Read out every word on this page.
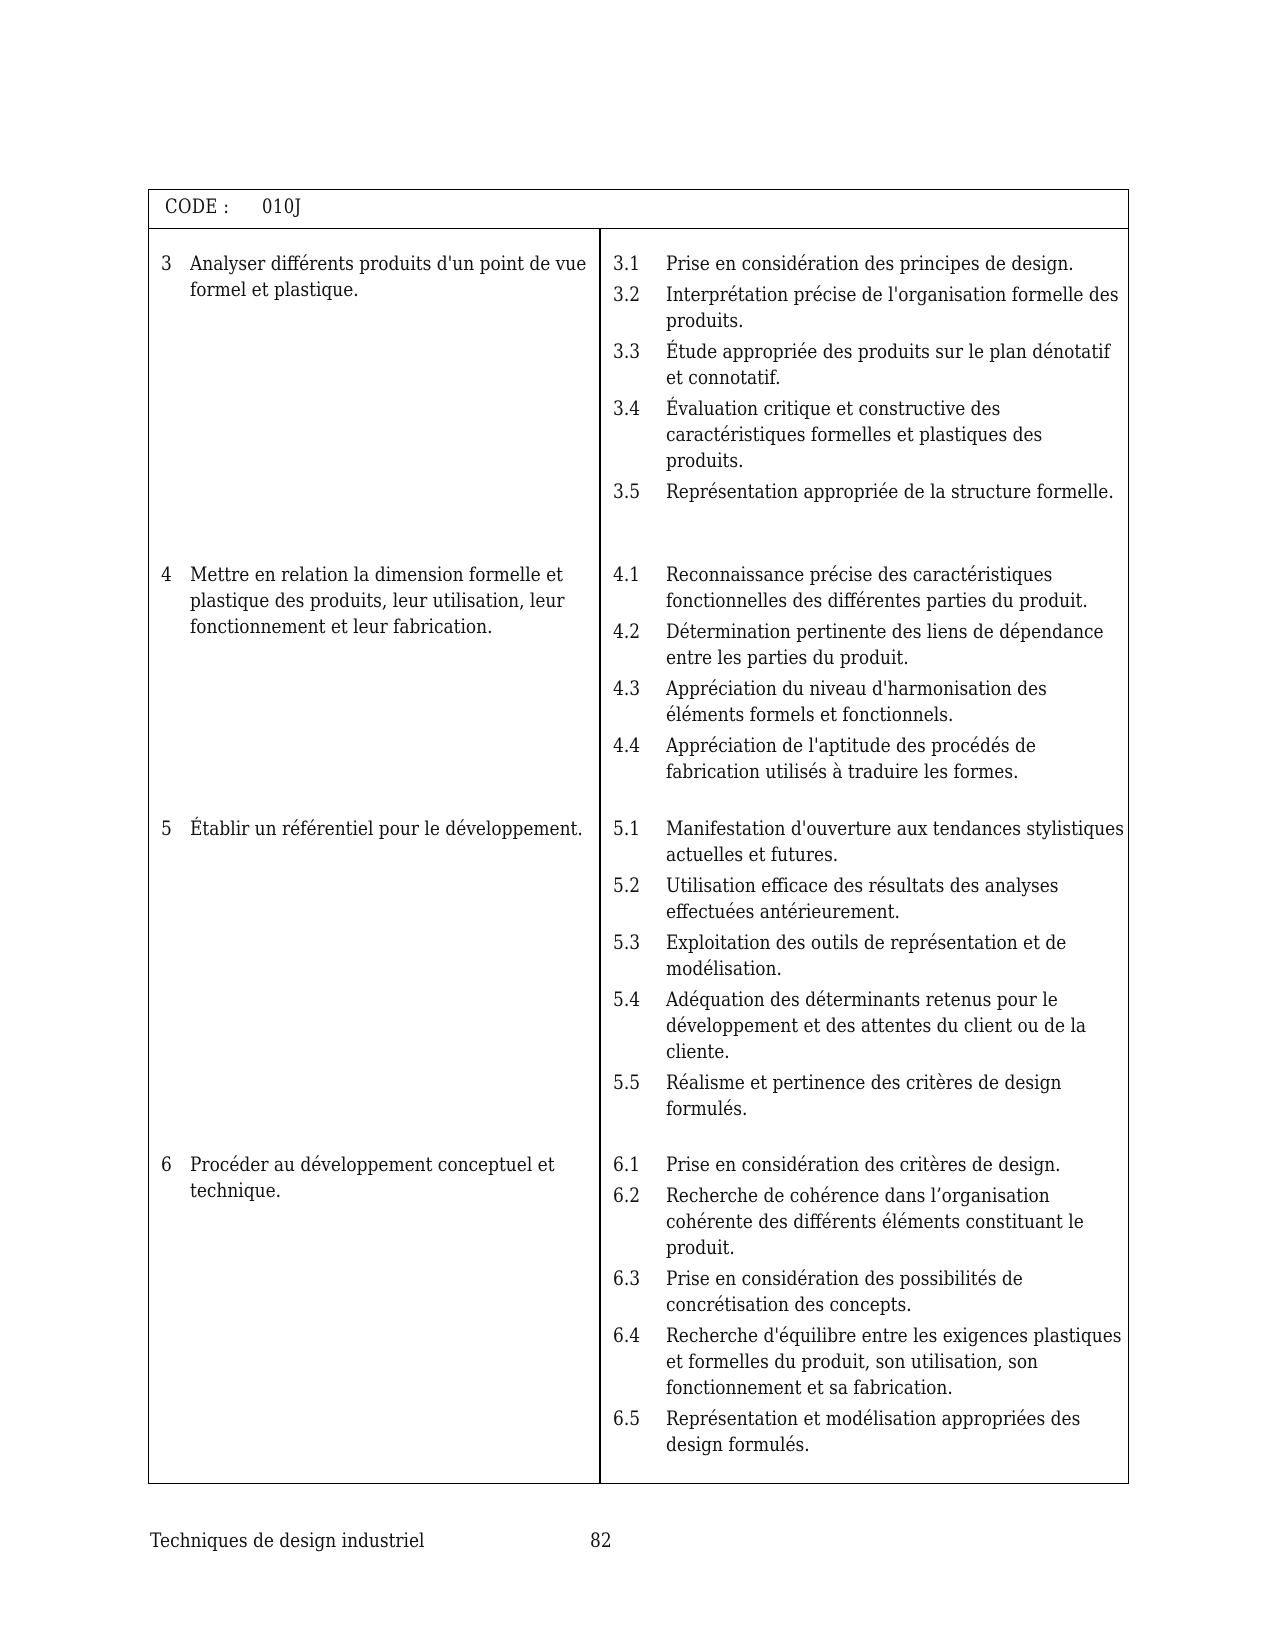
CODE : 010J
3 Analyser différents produits d'un point de vue formel et plastique.
3.1 Prise en considération des principes de design.
3.2 Interprétation précise de l'organisation formelle des produits.
3.3 Étude appropriée des produits sur le plan dénotatif et connotatif.
3.4 Évaluation critique et constructive des caractéristiques formelles et plastiques des produits.
3.5 Représentation appropriée de la structure formelle.
4 Mettre en relation la dimension formelle et plastique des produits, leur utilisation, leur fonctionnement et leur fabrication.
4.1 Reconnaissance précise des caractéristiques fonctionnelles des différentes parties du produit.
4.2 Détermination pertinente des liens de dépendance entre les parties du produit.
4.3 Appréciation du niveau d'harmonisation des éléments formels et fonctionnels.
4.4 Appréciation de l'aptitude des procédés de fabrication utilisés à traduire les formes.
5 Établir un référentiel pour le développement.	5.1 Manifestation d'ouverture aux tendances stylistiques actuelles et futures.
5.2 Utilisation efficace des résultats des analyses effectuées antérieurement.
5.3 Exploitation des outils de représentation et de modélisation.
5.4 Adéquation des déterminants retenus pour le développement et des attentes du client ou de la cliente.
5.5 Réalisme et pertinence des critères de design formulés.
6 Procéder au développement conceptuel et technique.
6.1 Prise en considération des critères de design.
6.2 Recherche de cohérence dans l’organisation cohérente des différents éléments constituant le produit.
6.3 Prise en considération des possibilités de concrétisation des concepts.
6.4 Recherche d'équilibre entre les exigences plastiques et formelles du produit, son utilisation, son fonctionnement et sa fabrication.
6.5 Représentation et modélisation appropriées des design formulés.
Techniques de design industriel	82
